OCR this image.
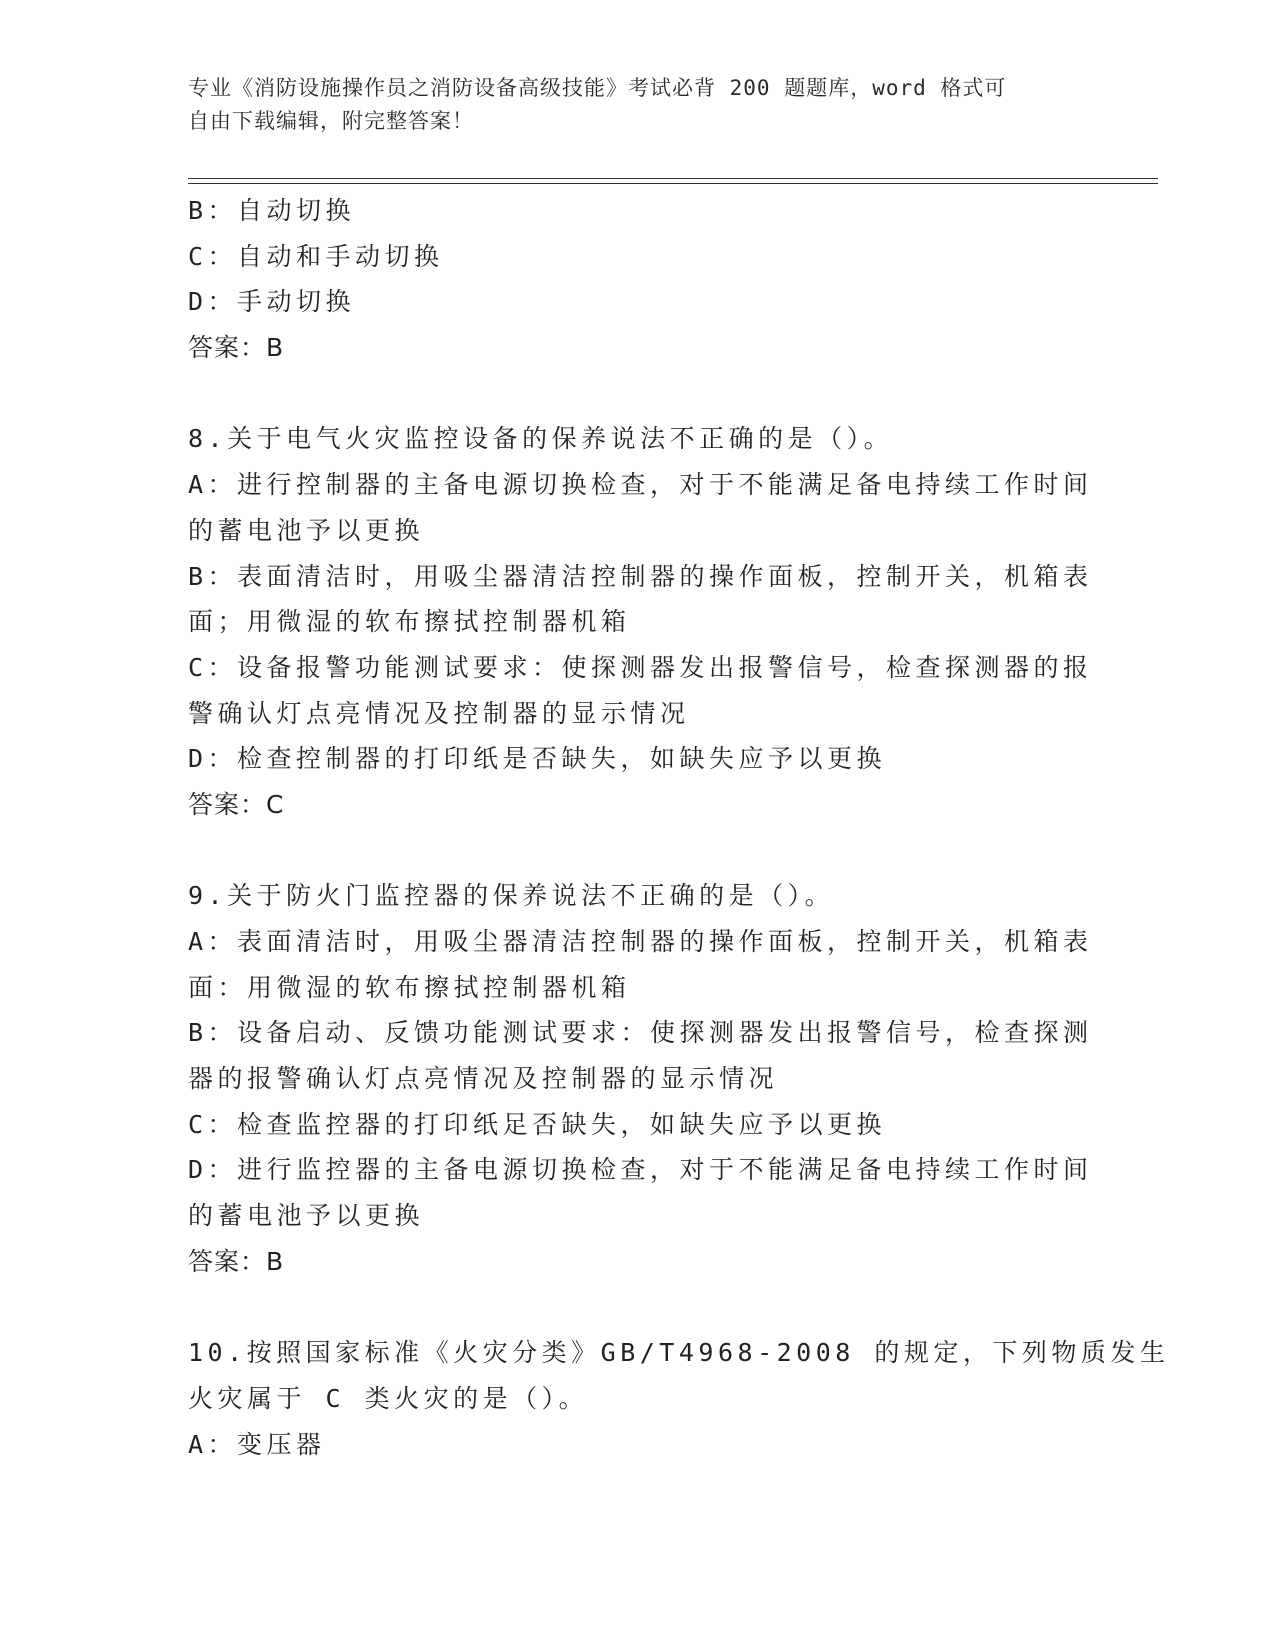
专业《消防设施操作员之消防设备高级技能》考试必背 200 题题库，word 格式可
自由下载编辑，附完整答案！
B：自动切换
C：自动和手动切换
D：手动切换
答案：B
8.关于电气火灾监控设备的保养说法不正确的是（）。
A：进行控制器的主备电源切换检查，对于不能满足备电持续工作时间
的蓄电池予以更换
B：表面清洁时，用吸尘器清洁控制器的操作面板，控制开关，机箱表
面；用微湿的软布擦拭控制器机箱
C：设备报警功能测试要求：使探测器发出报警信号，检查探测器的报
警确认灯点亮情况及控制器的显示情况
D：检查控制器的打印纸是否缺失，如缺失应予以更换
答案：C
9.关于防火门监控器的保养说法不正确的是（）。
A：表面清洁时，用吸尘器清洁控制器的操作面板，控制开关，机箱表
面：用微湿的软布擦拭控制器机箱
B：设备启动、反馈功能测试要求：使探测器发出报警信号，检查探测
器的报警确认灯点亮情况及控制器的显示情况
C：检查监控器的打印纸足否缺失，如缺失应予以更换
D：进行监控器的主备电源切换检查，对于不能满足备电持续工作时间
的蓄电池予以更换
答案：B
10.按照国家标准《火灾分类》GB/T4968-2008 的规定，下列物质发生
火灾属于 C 类火灾的是（）。
A：变压器
